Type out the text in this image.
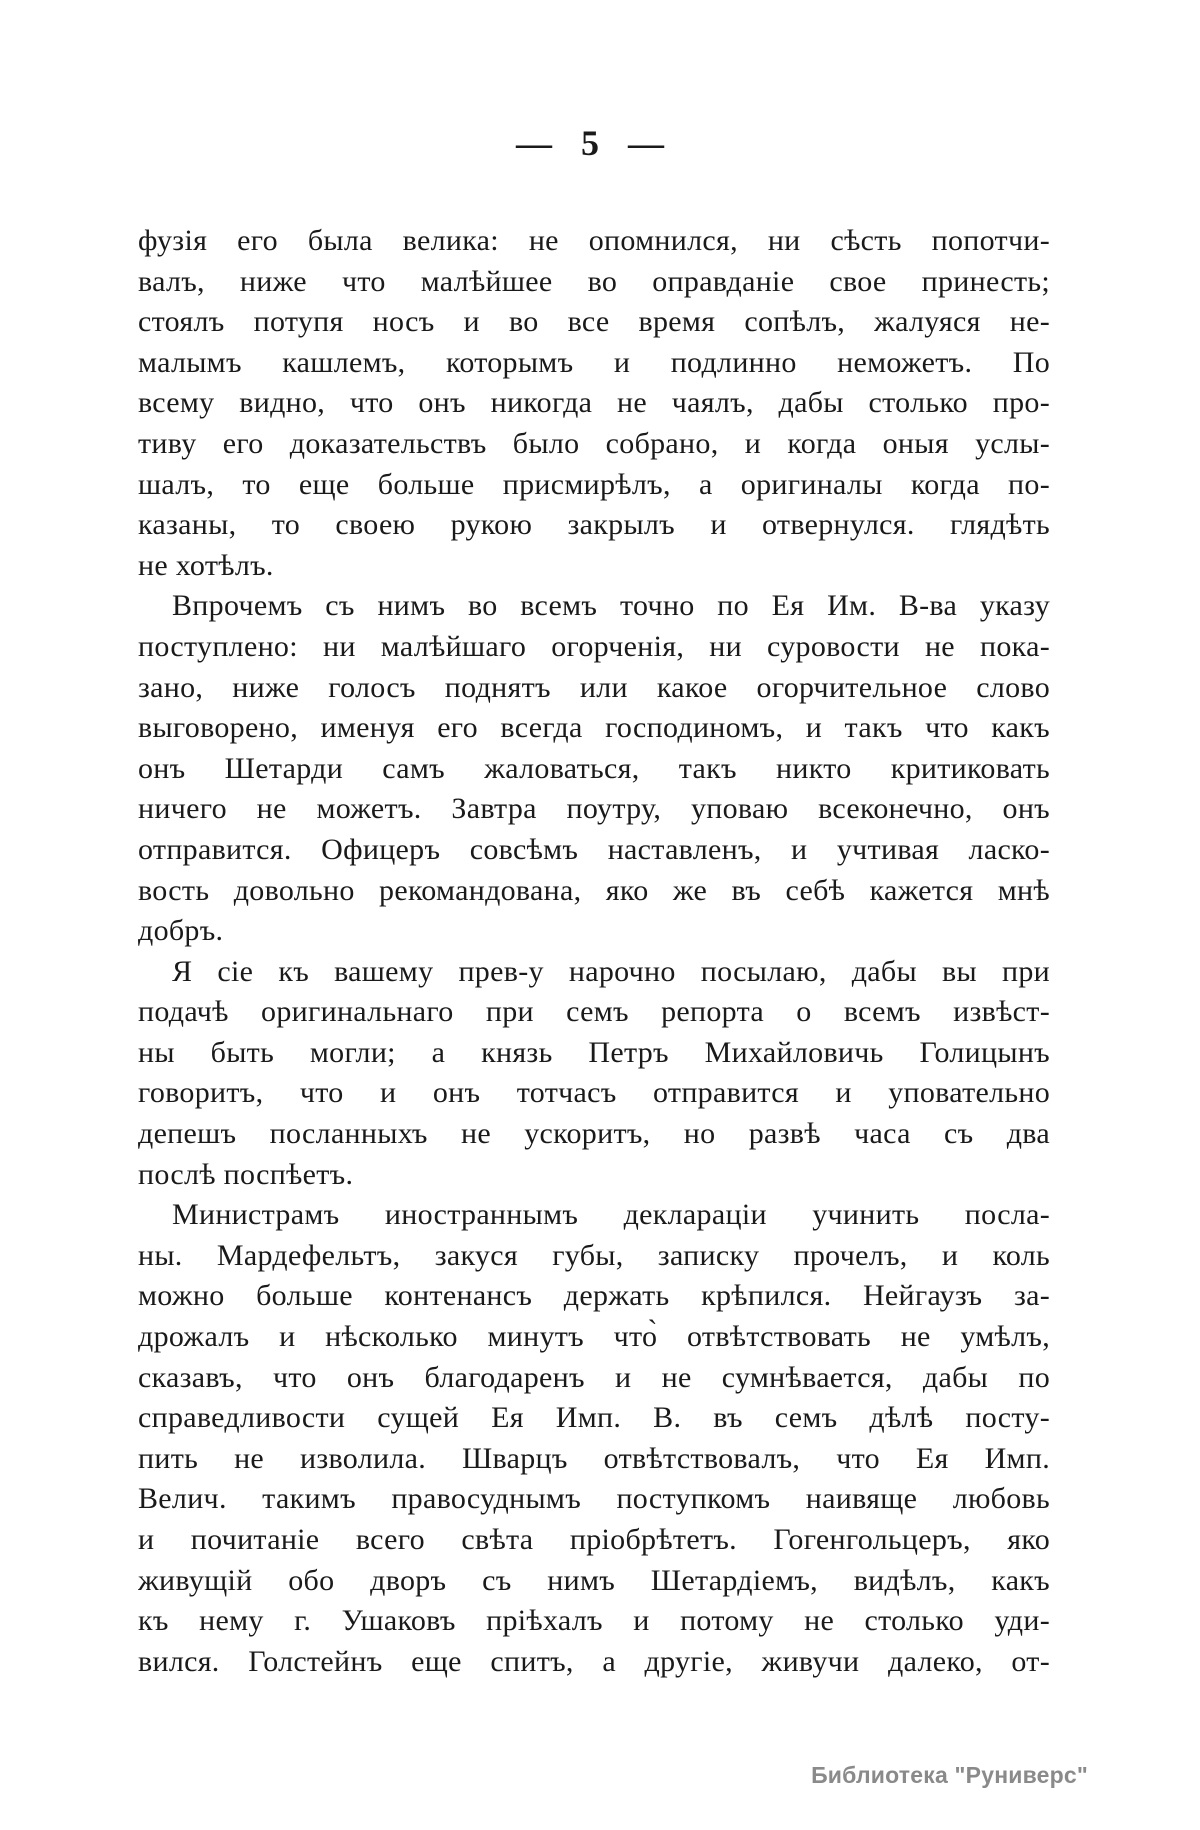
— 5 —
фузія его была велика: не опомнился, ни сѣсть попотчи-
валъ, ниже что малѣйшее во оправданіе свое принесть;
стоялъ потупя носъ и во все время сопѣлъ, жалуяся не-
малымъ кашлемъ, которымъ и подлинно неможетъ. По
всему видно, что онъ никогда не чаялъ, дабы столько про-
тиву его доказательствъ было собрано, и когда оныя услы-
шалъ, то еще больше присмирѣлъ, а оригиналы когда по-
казаны, то своею рукою закрылъ и отвернулся. глядѣть
не хотѣлъ.
Впрочемъ съ нимъ во всемъ точно по Ея Им. В-ва указу
поступлено: ни малѣйшаго огорченія, ни суровости не пока-
зано, ниже голосъ поднятъ или какое огорчительное слово
выговорено, именуя его всегда господиномъ, и такъ что какъ
онъ Шетарди самъ жаловаться, такъ никто критиковать
ничего не можетъ. Завтра поутру, уповаю всеконечно, онъ
отправится. Офицеръ совсѣмъ наставленъ, и учтивая ласко-
вость довольно рекомандована, яко же въ себѣ кажется мнѣ
добръ.
Я сіе къ вашему прев-у нарочно посылаю, дабы вы при
подачѣ оригинальнаго при семъ репорта о всемъ извѣст-
ны быть могли; а князь Петръ Михайловичь Голицынъ
говоритъ, что и онъ тотчасъ отправится и уповательно
депешъ посланныхъ не ускоритъ, но развѣ часа съ два
послѣ поспѣетъ.
Министрамъ иностраннымъ деклараціи учинить посла-
ны. Мардефельтъ, закуся губы, записку прочелъ, и коль
можно больше контенансъ держать крѣпился. Нейгаузъ за-
дрожалъ и нѣсколько минутъ что̀ отвѣтствовать не умѣлъ,
сказавъ, что онъ благодаренъ и не сумнѣвается, дабы по
справедливости сущей Ея Имп. В. въ семъ дѣлѣ посту-
пить не изволила. Шварцъ отвѣтствовалъ, что Ея Имп.
Велич. такимъ правосуднымъ поступкомъ наивяще любовь
и почитаніе всего свѣта пріобрѣтетъ. Гогенгольцеръ, яко
живущій обо дворъ съ нимъ Шетардіемъ, видѣлъ, какъ
къ нему г. Ушаковъ пріѣхалъ и потому не столько уди-
вился. Голстейнъ еще спитъ, а другіе, живучи далеко, от-
Библиотека "Руниверс"
